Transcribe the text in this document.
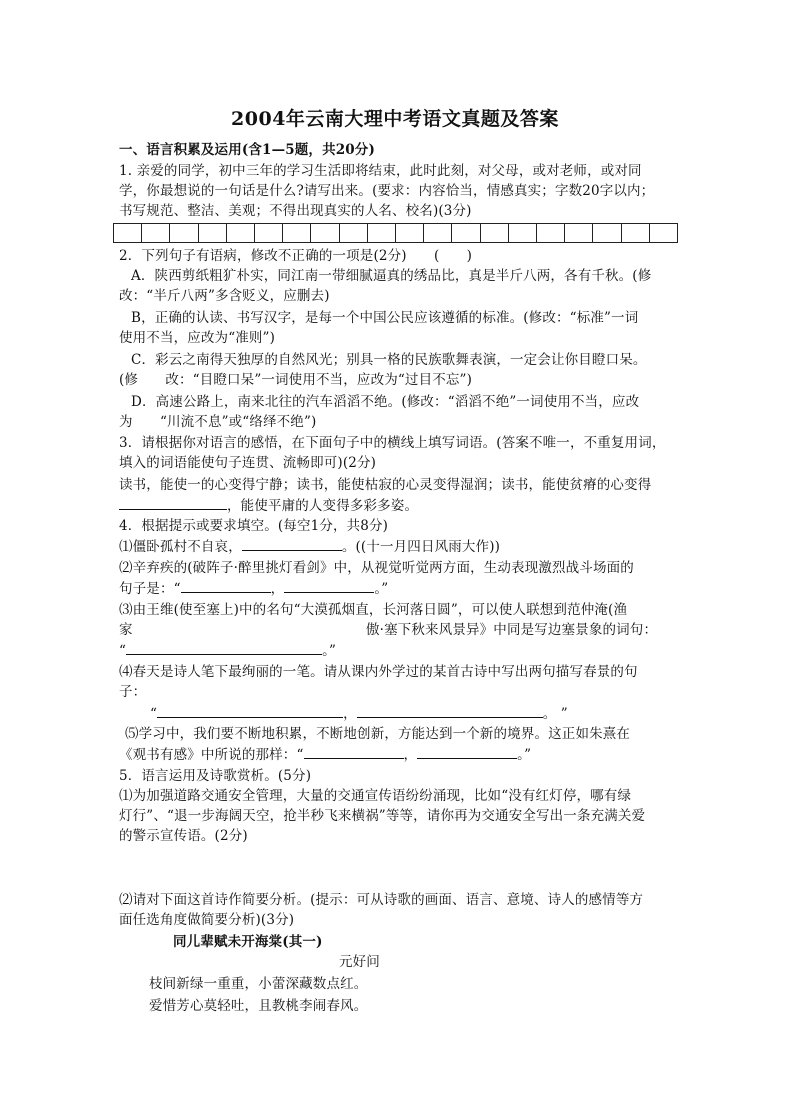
2004年云南大理中考语文真题及答案
一、语言积累及运用(含1—5题，共20分)
1. 亲爱的同学，初中三年的学习生活即将结束，此时此刻，对父母，或对老师，或对同
学，你最想说的一句话是什么?请写出来。(要求：内容恰当，情感真实；字数20字以内；
书写规范、整洁、美观；不得出现真实的人名、校名)(3分)
2．下列句子有语病，修改不正确的一项是(2分)　　(　　)
A．陕西剪纸粗犷朴实，同江南一带细腻逼真的绣品比，真是半斤八两，各有千秋。(修
改：“半斤八两”多含贬义，应删去)
B，正确的认读、书写汉字，是每一个中国公民应该遵循的标准。(修改：“标准”一词
使用不当，应改为“准则”)
C．彩云之南得天独厚的自然风光；别具一格的民族歌舞表演，一定会让你目瞪口呆。
(修　　改：“目瞪口呆”一词使用不当，应改为“过目不忘”)
D．高速公路上，南来北往的汽车滔滔不绝。(修改：“滔滔不绝”一词使用不当，应改
为　　“川流不息”或“络绎不绝”)
3．请根据你对语言的感悟，在下面句子中的横线上填写词语。(答案不唯一，不重复用词，
填入的词语能使句子连贯、流畅即可)(2分)
读书，能使一的心变得宁静；读书，能使枯寂的心灵变得湿润；读书，能使贫瘠的心变得
，能使平庸的人变得多彩多姿。
4．根据提示或要求填空。(每空1分，共8分)
⑴僵卧孤村不自哀，	。((十一月四日风雨大作))
⑵辛弃疾的(破阵子·醉里挑灯看剑》中，从视觉听觉两方面，生动表现激烈战斗场面的
句子是：“	，	。”
⑶由王维(使至塞上)中的名句“大漠孤烟直，长河落日圆”，可以使人联想到范仲淹(渔
家	傲·塞下秋来风景异》中同是写边塞景象的词句：
“	。”
⑷春天是诗人笔下最绚丽的一笔。请从课内外学过的某首古诗中写出两句描写春景的句
子：
“	，	。 ”
⑸学习中，我们要不断地积累，不断地创新，方能达到一个新的境界。这正如朱熹在
《观书有感》中所说的那样：“	，	。”
5．语言运用及诗歌赏析。(5分)
⑴为加强道路交通安全管理，大量的交通宣传语纷纷涌现，比如“没有红灯停，哪有绿
灯行”、“退一步海阔天空，抢半秒飞来横祸”等等，请你再为交通安全写出一条充满关爱
的警示宣传语。(2分)
⑵请对下面这首诗作简要分析。(提示：可从诗歌的画面、语言、意境、诗人的感情等方
面任选角度做简要分析)(3分)
同儿辈赋未开海棠(其一)
元好问
枝间新绿一重重，小蕾深藏数点红。
爱惜芳心莫轻吐，且教桃李闹春风。
